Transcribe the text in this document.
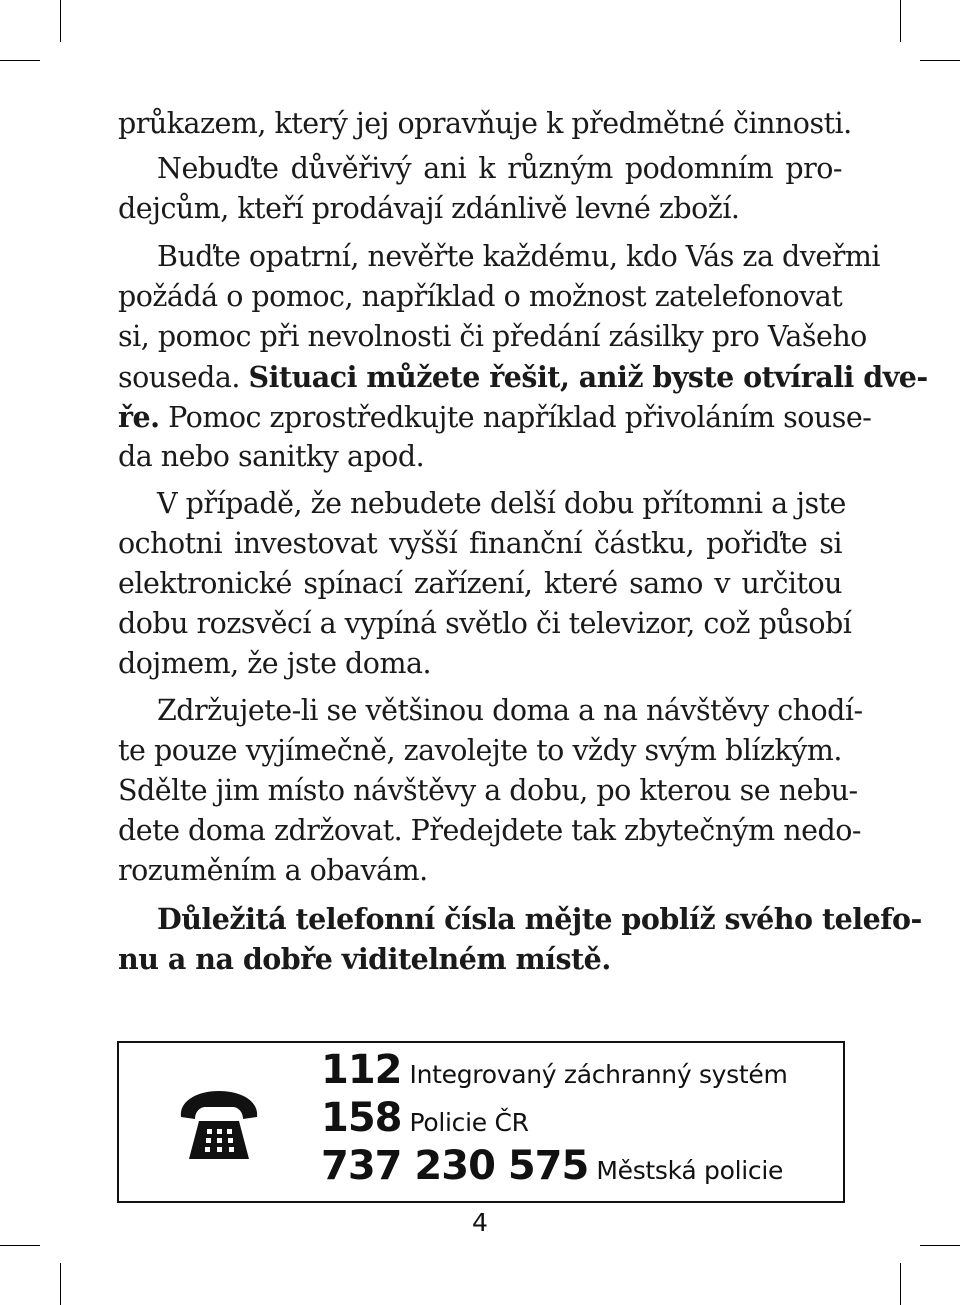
průkazem, který jej opravňuje k předmětné činnosti.
Nebuďte důvěřivý ani k různým podomním pro-
dejcům, kteří prodávají zdánlivě levné zboží.
Buďte opatrní, nevěřte každému, kdo Vás za dveřmi
požádá o pomoc, například o možnost zatelefonovat
si, pomoc při nevolnosti či předání zásilky pro Vašeho
souseda. Situaci můžete řešit, aniž byste otvírali dve-
ře. Pomoc zprostředkujte například přivoláním souse-
da nebo sanitky apod.
V případě, že nebudete delší dobu přítomni a jste
ochotni investovat vyšší finanční částku, pořiďte si
elektronické spínací zařízení, které samo v určitou
dobu rozsvěcí a vypíná světlo či televizor, což působí
dojmem, že jste doma.
Zdržujete-li se většinou doma a na návštěvy chodí-
te pouze vyjímečně, zavolejte to vždy svým blízkým.
Sdělte jim místo návštěvy a dobu, po kterou se nebu-
dete doma zdržovat. Předejdete tak zbytečným nedo-
rozuměním a obavám.
Důležitá telefonní čísla mějte poblíž svého telefo-
nu a na dobře viditelném místě.
112 Integrovaný záchranný systém
158 Policie ČR
737 230 575 Městská policie
4
